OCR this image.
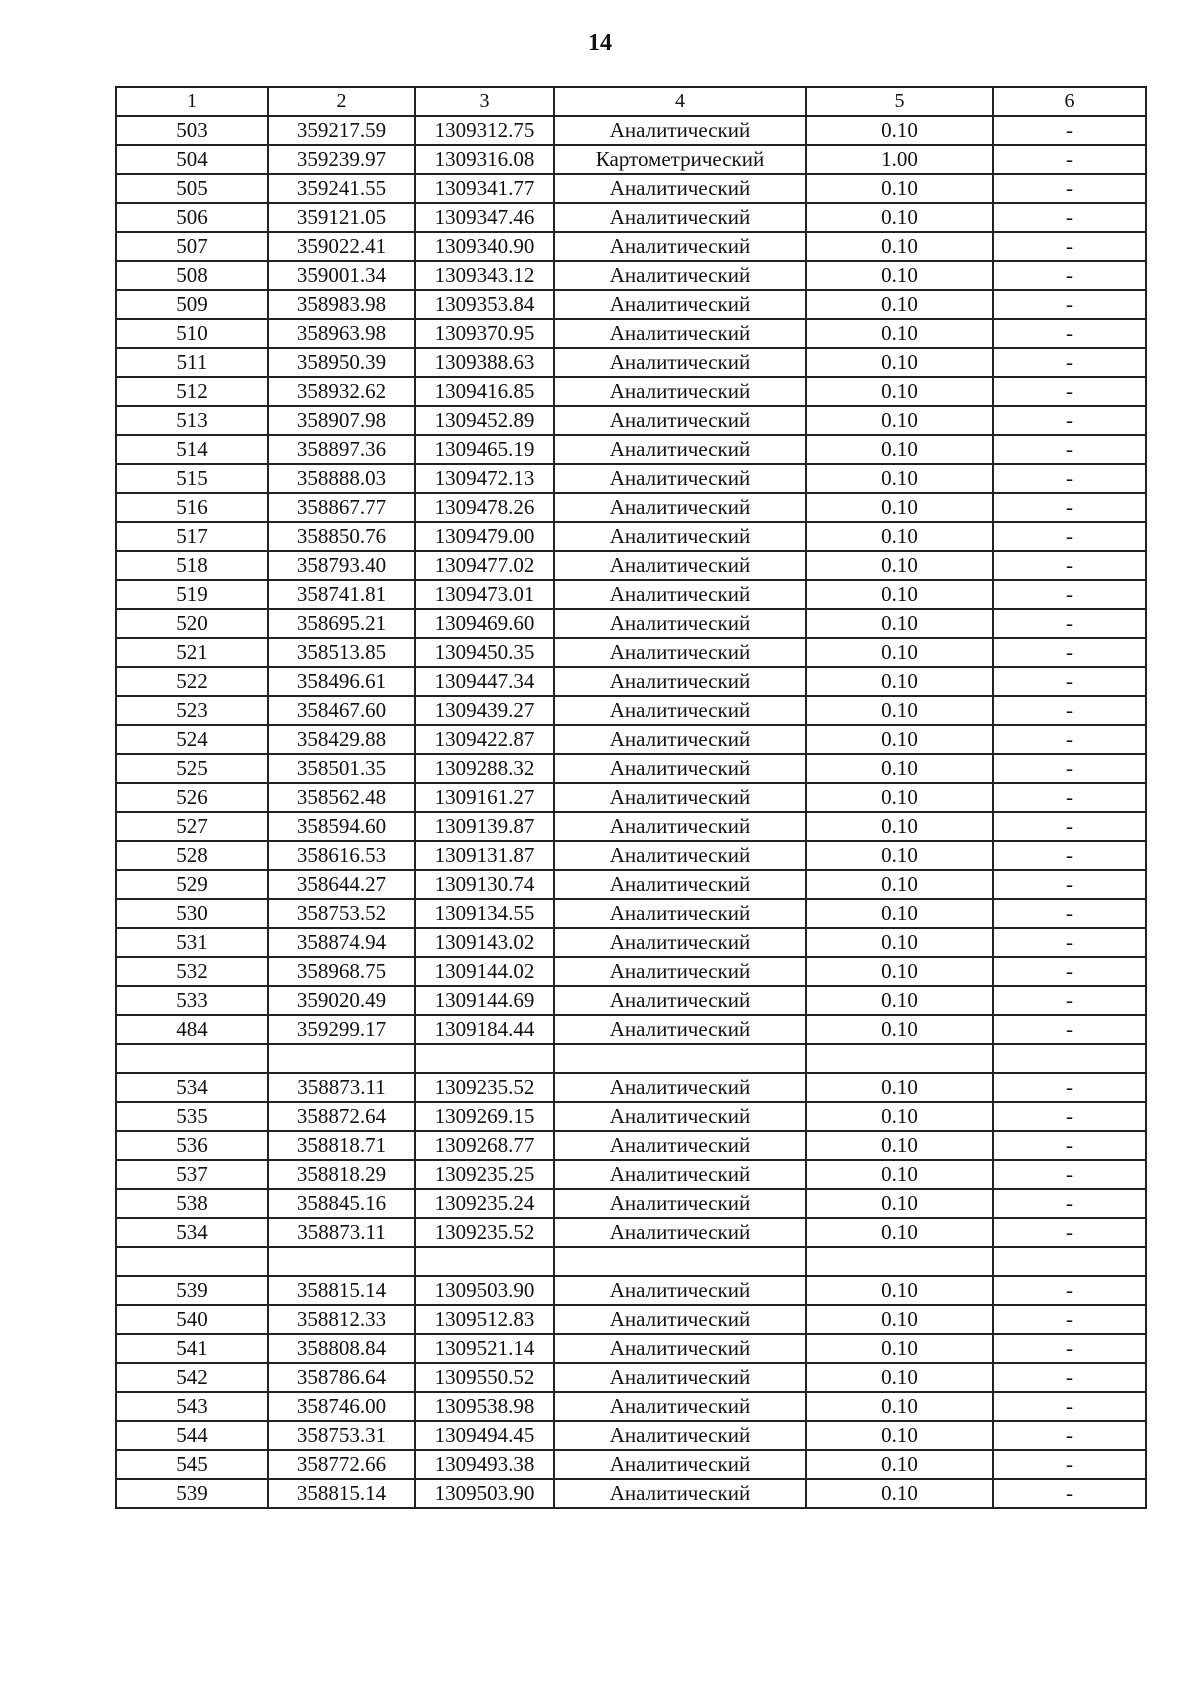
14
1	2	3	4	5	6
503	359217.59	1309312.75	Аналитический	0.10	-
504	359239.97	1309316.08	Картометрический	1.00	-
505	359241.55	1309341.77	Аналитический	0.10	-
506	359121.05	1309347.46	Аналитический	0.10	-
507	359022.41	1309340.90	Аналитический	0.10	-
508	359001.34	1309343.12	Аналитический	0.10	-
509	358983.98	1309353.84	Аналитический	0.10	-
510	358963.98	1309370.95	Аналитический	0.10	-
511	358950.39	1309388.63	Аналитический	0.10	-
512	358932.62	1309416.85	Аналитический	0.10	-
513	358907.98	1309452.89	Аналитический	0.10	-
514	358897.36	1309465.19	Аналитический	0.10	-
515	358888.03	1309472.13	Аналитический	0.10	-
516	358867.77	1309478.26	Аналитический	0.10	-
517	358850.76	1309479.00	Аналитический	0.10	-
518	358793.40	1309477.02	Аналитический	0.10	-
519	358741.81	1309473.01	Аналитический	0.10	-
520	358695.21	1309469.60	Аналитический	0.10	-
521	358513.85	1309450.35	Аналитический	0.10	-
522	358496.61	1309447.34	Аналитический	0.10	-
523	358467.60	1309439.27	Аналитический	0.10	-
524	358429.88	1309422.87	Аналитический	0.10	-
525	358501.35	1309288.32	Аналитический	0.10	-
526	358562.48	1309161.27	Аналитический	0.10	-
527	358594.60	1309139.87	Аналитический	0.10	-
528	358616.53	1309131.87	Аналитический	0.10	-
529	358644.27	1309130.74	Аналитический	0.10	-
530	358753.52	1309134.55	Аналитический	0.10	-
531	358874.94	1309143.02	Аналитический	0.10	-
532	358968.75	1309144.02	Аналитический	0.10	-
533	359020.49	1309144.69	Аналитический	0.10	-
484	359299.17	1309184.44	Аналитический	0.10	-

534	358873.11	1309235.52	Аналитический	0.10	-
535	358872.64	1309269.15	Аналитический	0.10	-
536	358818.71	1309268.77	Аналитический	0.10	-
537	358818.29	1309235.25	Аналитический	0.10	-
538	358845.16	1309235.24	Аналитический	0.10	-
534	358873.11	1309235.52	Аналитический	0.10	-

539	358815.14	1309503.90	Аналитический	0.10	-
540	358812.33	1309512.83	Аналитический	0.10	-
541	358808.84	1309521.14	Аналитический	0.10	-
542	358786.64	1309550.52	Аналитический	0.10	-
543	358746.00	1309538.98	Аналитический	0.10	-
544	358753.31	1309494.45	Аналитический	0.10	-
545	358772.66	1309493.38	Аналитический	0.10	-
539	358815.14	1309503.90	Аналитический	0.10	-
